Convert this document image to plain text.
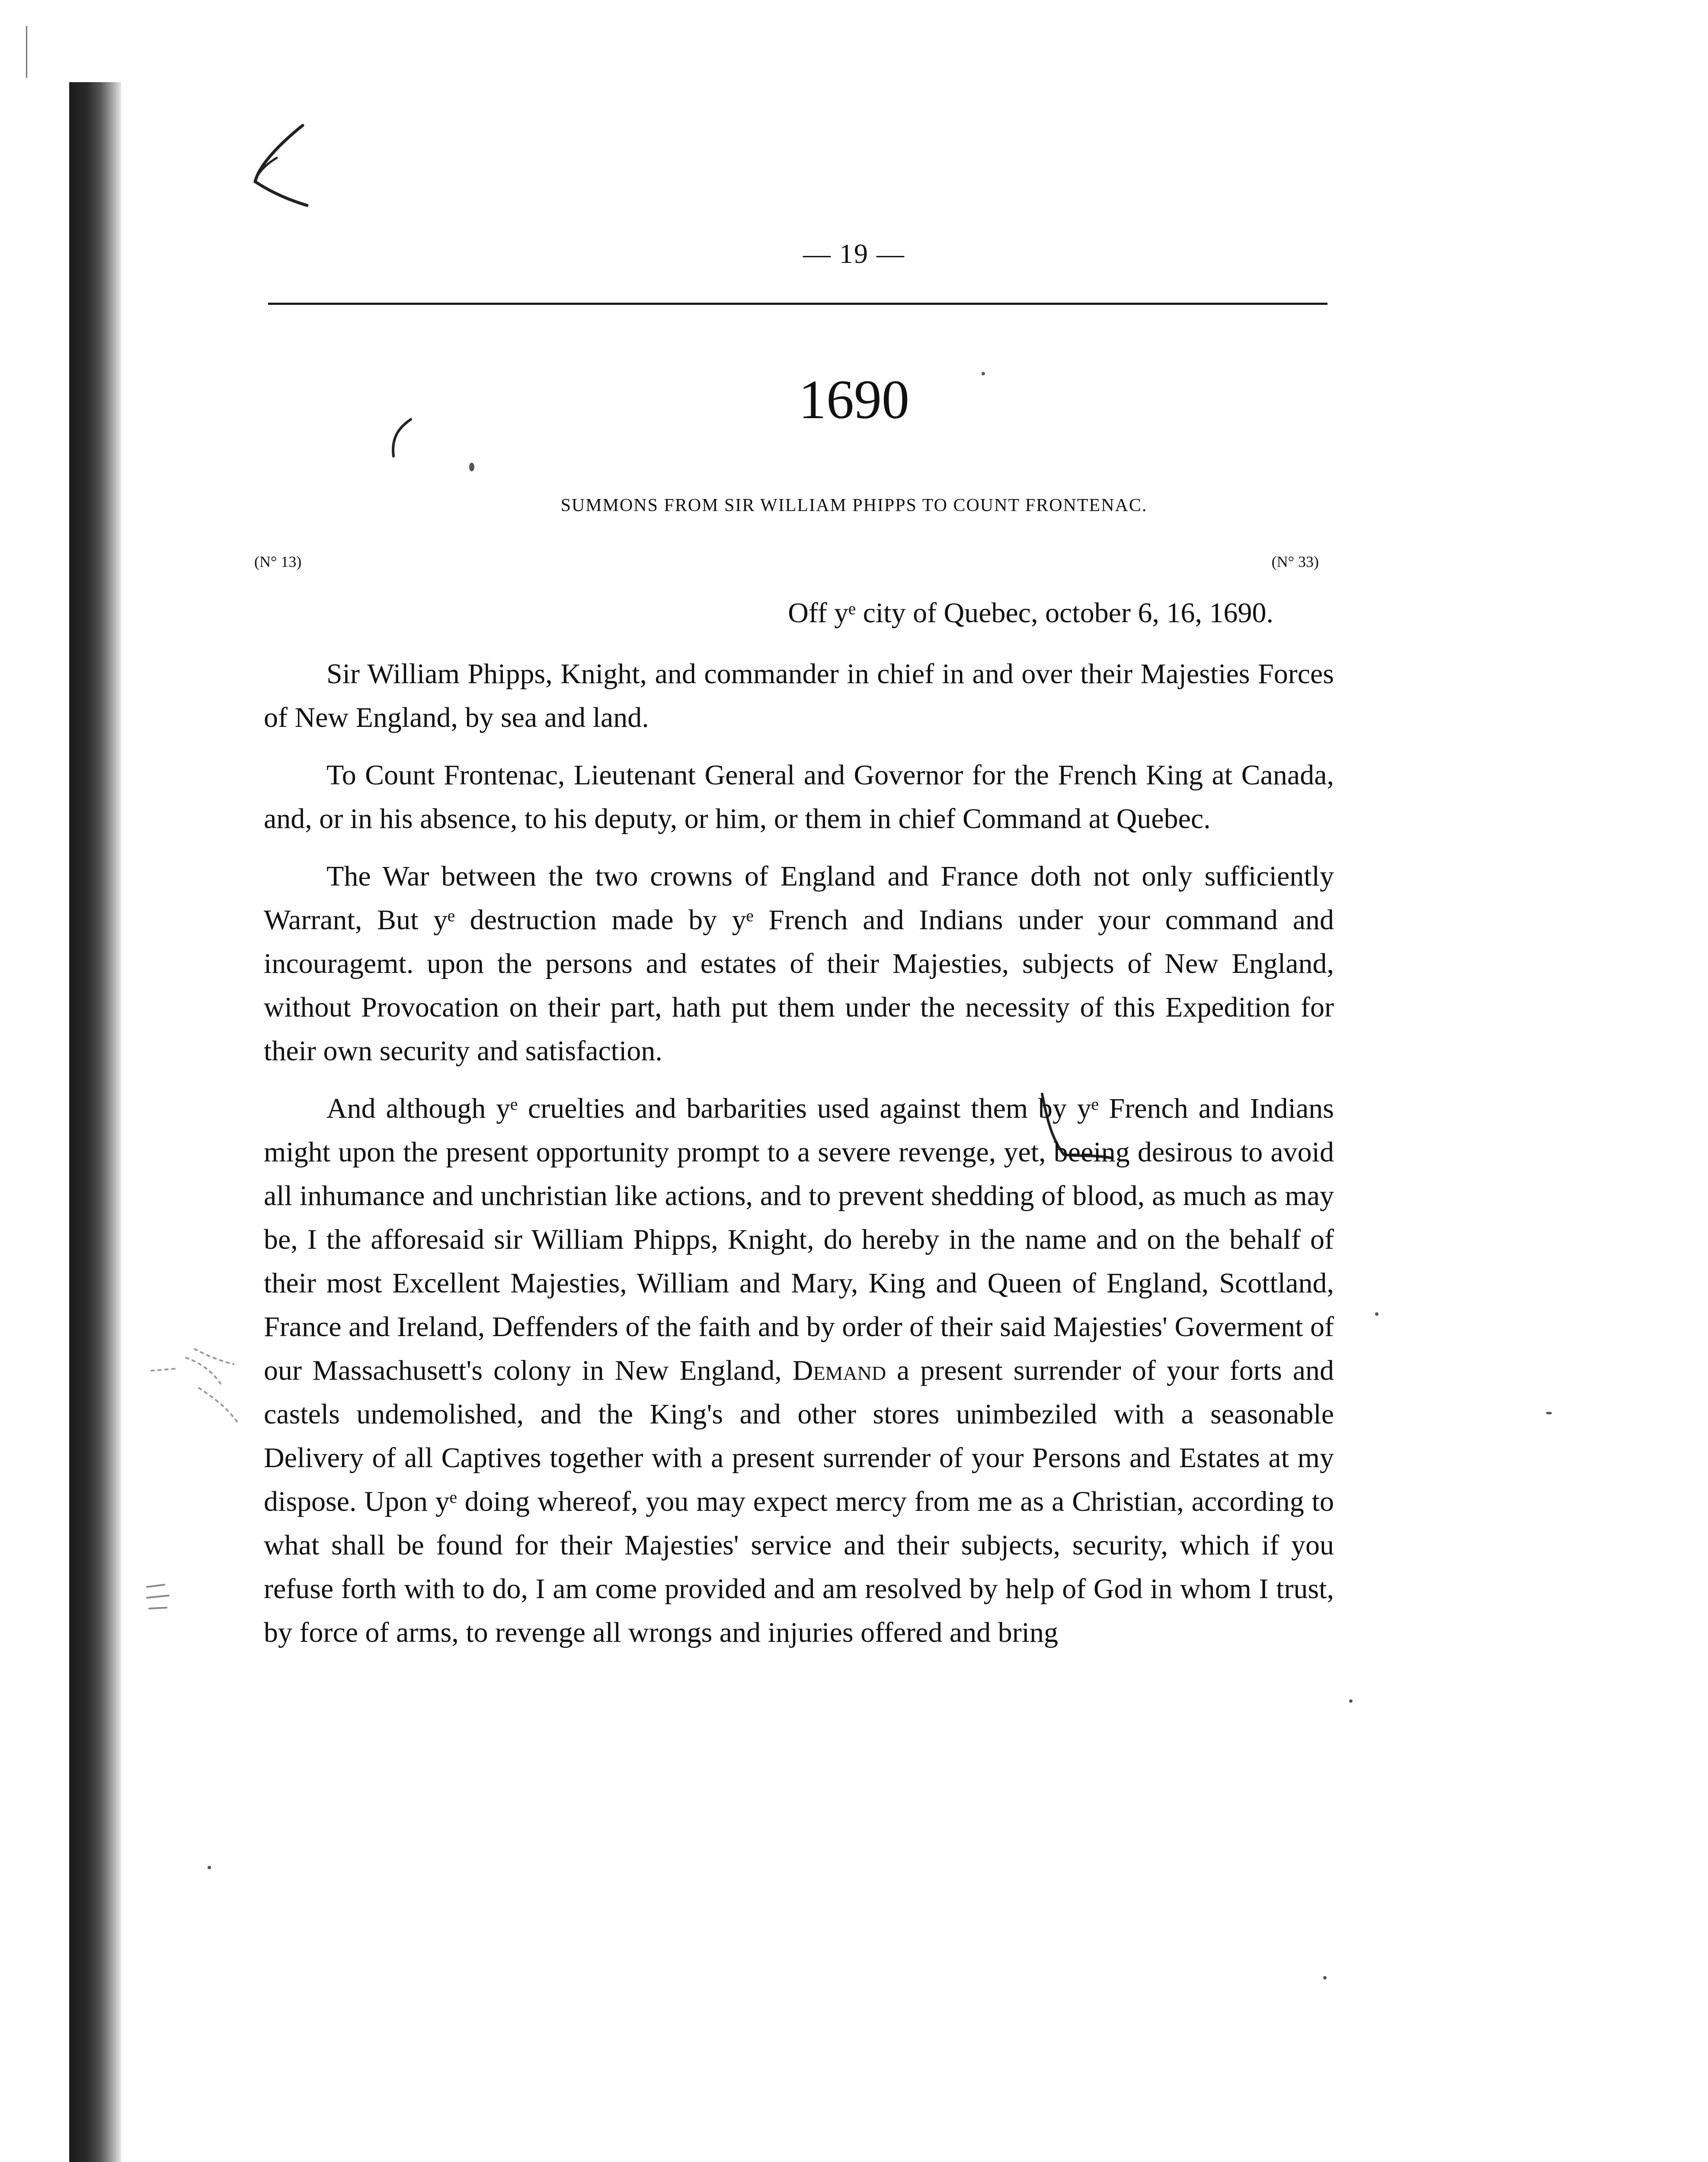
— 19 —
1690
SUMMONS FROM SIR WILLIAM PHIPPS TO COUNT FRONTENAC.
(N° 13)	(N° 33)
Off yᵉ city of Quebec, october 6, 16, 1690.

Sir William Phipps, Knight, and commander in chief in and over their Majesties Forces of New England, by sea and land.

To Count Frontenac, Lieutenant General and Governor for the French King at Canada, and, or in his absence, to his deputy, or him, or them in chief Command at Quebec.

The War between the two crowns of England and France doth not only sufficiently Warrant, But yᵉ destruction made by yᵉ French and Indians under your command and incouragemt. upon the persons and estates of their Majesties, subjects of New England, without Provocation on their part, hath put them under the necessity of this Expedition for their own security and satisfaction.

And although yᵉ cruelties and barbarities used against them by yᵉ French and Indians might upon the present opportunity prompt to a severe revenge, yet, beeing desirous to avoid all inhumance and unchristian like actions, and to prevent shedding of blood, as much as may be, I the afforesaid sir William Phipps, Knight, do hereby in the name and on the behalf of their most Excellent Majesties, William and Mary, King and Queen of England, Scottland, France and Ireland, Deffenders of the faith and by order of their said Majesties' Goverment of our Massachusett's colony in New England, Demand a present surrender of your forts and castels undemolished, and the King's and other stores unimbeziled with a seasonable Delivery of all Captives together with a present surrender of your Persons and Estates at my dispose. Upon yᵉ doing whereof, you may expect mercy from me as a Christian, according to what shall be found for their Majesties' service and their subjects, security, which if you refuse forth with to do, I am come provided and am resolved by help of God in whom I trust, by force of arms, to revenge all wrongs and injuries offered and bring
